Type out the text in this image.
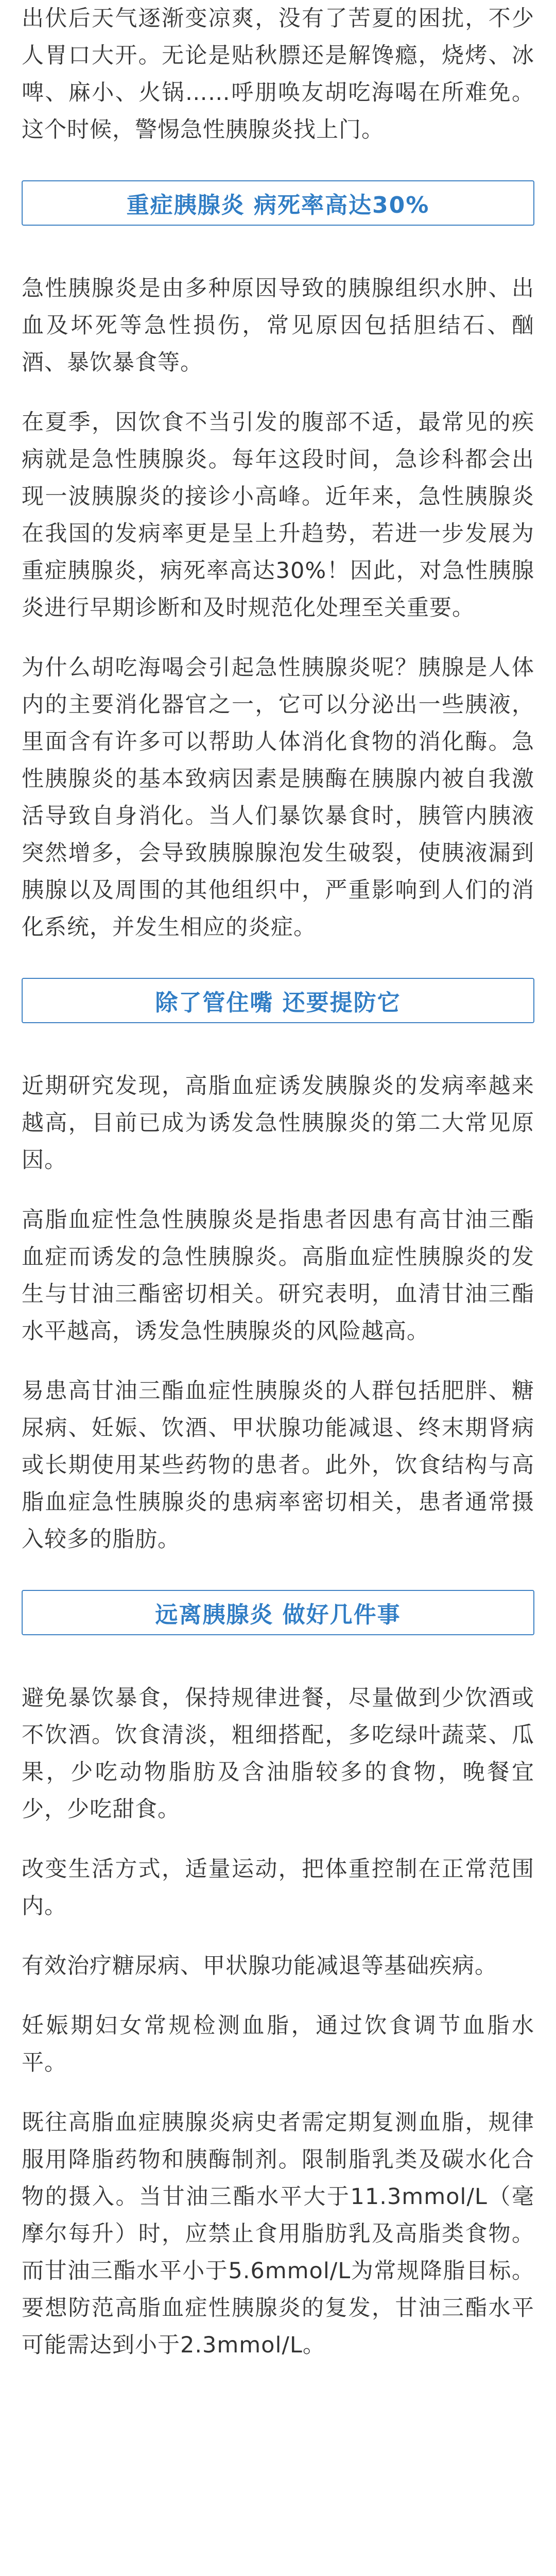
出伏后天气逐渐变凉爽，没有了苦夏的困扰，不少人胃口大开。无论是贴秋膘还是解馋瘾，烧烤、冰啤、麻小、火锅……呼朋唤友胡吃海喝在所难免。这个时候，警惕急性胰腺炎找上门。

重症胰腺炎 病死率高达30%

急性胰腺炎是由多种原因导致的胰腺组织水肿、出血及坏死等急性损伤，常见原因包括胆结石、酗酒、暴饮暴食等。

在夏季，因饮食不当引发的腹部不适，最常见的疾病就是急性胰腺炎。每年这段时间，急诊科都会出现一波胰腺炎的接诊小高峰。近年来，急性胰腺炎在我国的发病率更是呈上升趋势，若进一步发展为重症胰腺炎，病死率高达30%！因此，对急性胰腺炎进行早期诊断和及时规范化处理至关重要。

为什么胡吃海喝会引起急性胰腺炎呢？胰腺是人体内的主要消化器官之一，它可以分泌出一些胰液，里面含有许多可以帮助人体消化食物的消化酶。急性胰腺炎的基本致病因素是胰酶在胰腺内被自我激活导致自身消化。当人们暴饮暴食时，胰管内胰液突然增多，会导致胰腺腺泡发生破裂，使胰液漏到胰腺以及周围的其他组织中，严重影响到人们的消化系统，并发生相应的炎症。

除了管住嘴 还要提防它

近期研究发现，高脂血症诱发胰腺炎的发病率越来越高，目前已成为诱发急性胰腺炎的第二大常见原因。

高脂血症性急性胰腺炎是指患者因患有高甘油三酯血症而诱发的急性胰腺炎。高脂血症性胰腺炎的发生与甘油三酯密切相关。研究表明，血清甘油三酯水平越高，诱发急性胰腺炎的风险越高。

易患高甘油三酯血症性胰腺炎的人群包括肥胖、糖尿病、妊娠、饮酒、甲状腺功能减退、终末期肾病或长期使用某些药物的患者。此外，饮食结构与高脂血症急性胰腺炎的患病率密切相关，患者通常摄入较多的脂肪。

远离胰腺炎 做好几件事

避免暴饮暴食，保持规律进餐，尽量做到少饮酒或不饮酒。饮食清淡，粗细搭配，多吃绿叶蔬菜、瓜果，少吃动物脂肪及含油脂较多的食物，晚餐宜少，少吃甜食。

改变生活方式，适量运动，把体重控制在正常范围内。

有效治疗糖尿病、甲状腺功能减退等基础疾病。

妊娠期妇女常规检测血脂，通过饮食调节血脂水平。

既往高脂血症胰腺炎病史者需定期复测血脂，规律服用降脂药物和胰酶制剂。限制脂乳类及碳水化合物的摄入。当甘油三酯水平大于11.3mmol/L（毫摩尔每升）时，应禁止食用脂肪乳及高脂类食物。而甘油三酯水平小于5.6mmol/L为常规降脂目标。要想防范高脂血症性胰腺炎的复发，甘油三酯水平可能需达到小于2.3mmol/L。
